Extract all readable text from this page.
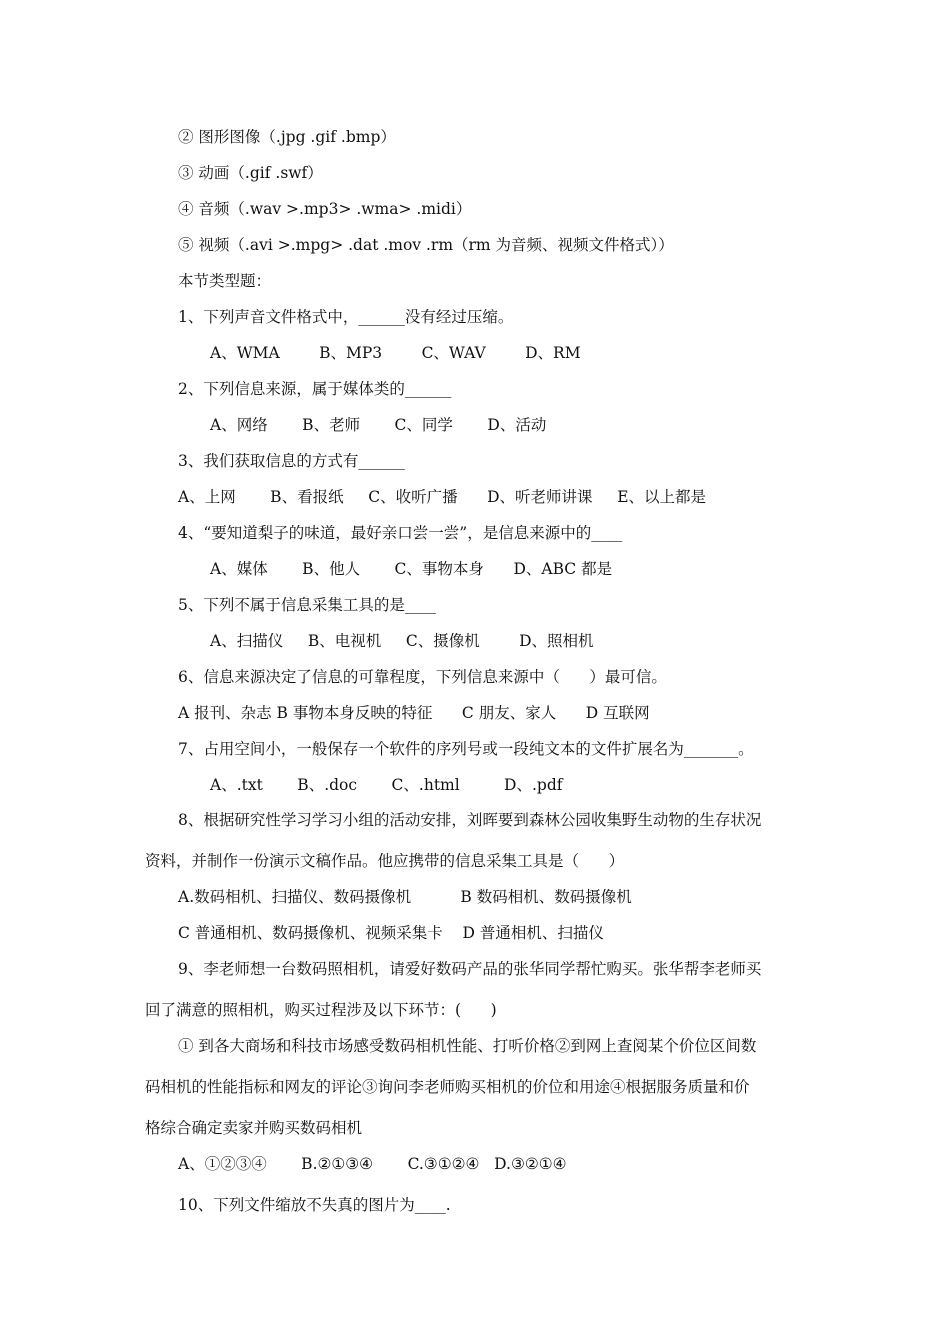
② 图形图像（.jpg .gif .bmp）
③ 动画（.gif .swf）
④ 音频（.wav >.mp3> .wma> .midi）
⑤ 视频（.avi >.mpg> .dat .mov .rm（rm 为音频、视频文件格式））
本节类型题：
1、下列声音文件格式中，______没有经过压缩。
A、WMA        B、MP3        C、WAV        D、RM
2、下列信息来源，属于媒体类的______
A、网络       B、老师       C、同学       D、活动
3、我们获取信息的方式有______
A、上网       B、看报纸     C、收听广播      D、听老师讲课     E、以上都是
4、“要知道梨子的味道，最好亲口尝一尝”，是信息来源中的____
A、媒体       B、他人       C、事物本身      D、ABC 都是
5、下列不属于信息采集工具的是____
A、扫描仪     B、电视机     C、摄像机        D、照相机
6、信息来源决定了信息的可靠程度，下列信息来源中（      ）最可信。
A 报刊、杂志 B 事物本身反映的特征      C 朋友、家人      D 互联网
7、占用空间小，一般保存一个软件的序列号或一段纯文本的文件扩展名为_______。
A、.txt       B、.doc       C、.html         D、.pdf
8、根据研究性学习学习小组的活动安排，刘晖要到森林公园收集野生动物的生存状况
资料，并制作一份演示文稿作品。他应携带的信息采集工具是（      ）
A.数码相机、扫描仪、数码摄像机          B 数码相机、数码摄像机
C 普通相机、数码摄像机、视频采集卡    D 普通相机、扫描仪
9、李老师想一台数码照相机，请爱好数码产品的张华同学帮忙购买。张华帮李老师买
回了满意的照相机，购买过程涉及以下环节：(      )
① 到各大商场和科技市场感受数码相机性能、打听价格②到网上查阅某个价位区间数
码相机的性能指标和网友的评论③询问李老师购买相机的价位和用途④根据服务质量和价
格综合确定卖家并购买数码相机
A、①②③④       B.②①③④       C.③①②④   D.③②①④
10、下列文件缩放不失真的图片为____.
